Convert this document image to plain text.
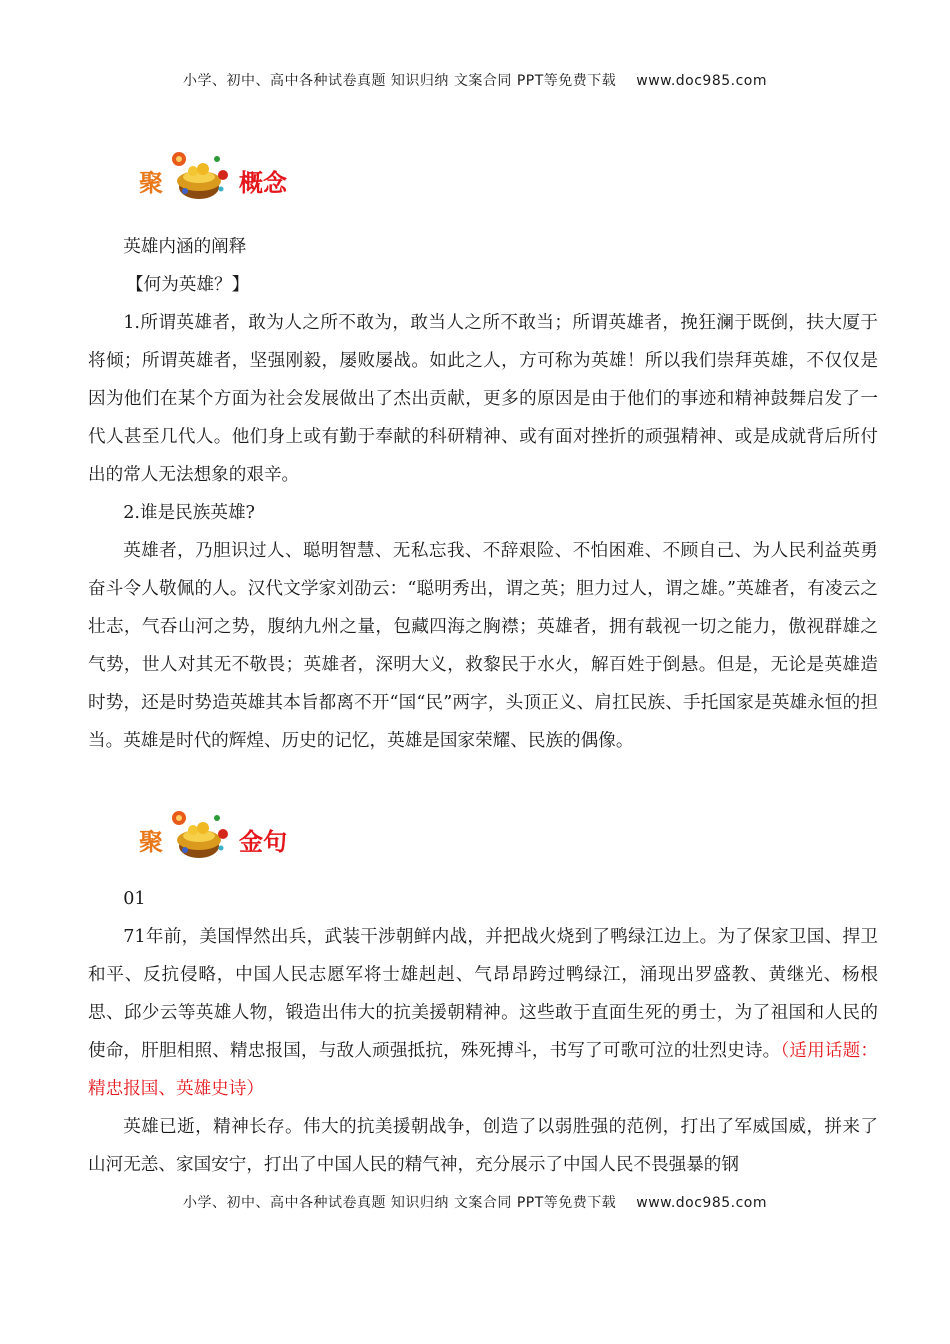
小学、初中、高中各种试卷真题 知识归纳 文案合同 PPT等免费下载 www.doc985.com
聚	概念

英雄内涵的阐释

【何为英雄？】

1.所谓英雄者，敢为人之所不敢为，敢当人之所不敢当；所谓英雄者，挽狂澜于既倒，扶大厦于将倾；所谓英雄者，坚强刚毅，屡败屡战。如此之人，方可称为英雄！所以我们崇拜英雄，不仅仅是因为他们在某个方面为社会发展做出了杰出贡献，更多的原因是由于他们的事迹和精神鼓舞启发了一代人甚至几代人。他们身上或有勤于奉献的科研精神、或有面对挫折的顽强精神、或是成就背后所付出的常人无法想象的艰辛。

2.谁是民族英雄?

英雄者，乃胆识过人、聪明智慧、无私忘我、不辞艰险、不怕困难、不顾自己、为人民利益英勇奋斗令人敬佩的人。汉代文学家刘劭云：“聪明秀出，谓之英；胆力过人，谓之雄。”英雄者，有凌云之壮志，气吞山河之势，腹纳九州之量，包藏四海之胸襟；英雄者，拥有载视一切之能力，傲视群雄之气势，世人对其无不敬畏；英雄者，深明大义，救黎民于水火，解百姓于倒悬。但是，无论是英雄造时势，还是时势造英雄其本旨都离不开“国“民”两字，头顶正义、肩扛民族、手托国家是英雄永恒的担当。英雄是时代的辉煌、历史的记忆，英雄是国家荣耀、民族的偶像。

聚	金句

01

71年前，美国悍然出兵，武装干涉朝鲜内战，并把战火烧到了鸭绿江边上。为了保家卫国、捍卫和平、反抗侵略，中国人民志愿军将士雄赳赳、气昂昂跨过鸭绿江，涌现出罗盛教、黄继光、杨根思、邱少云等英雄人物，锻造出伟大的抗美援朝精神。这些敢于直面生死的勇士，为了祖国和人民的使命，肝胆相照、精忠报国，与敌人顽强抵抗，殊死搏斗，书写了可歌可泣的壮烈史诗。（适用话题：精忠报国、英雄史诗）

英雄已逝，精神长存。伟大的抗美援朝战争，创造了以弱胜强的范例，打出了军威国威，拼来了山河无恙、家国安宁，打出了中国人民的精气神，充分展示了中国人民不畏强暴的钢

小学、初中、高中各种试卷真题 知识归纳 文案合同 PPT等免费下载 www.doc985.com
